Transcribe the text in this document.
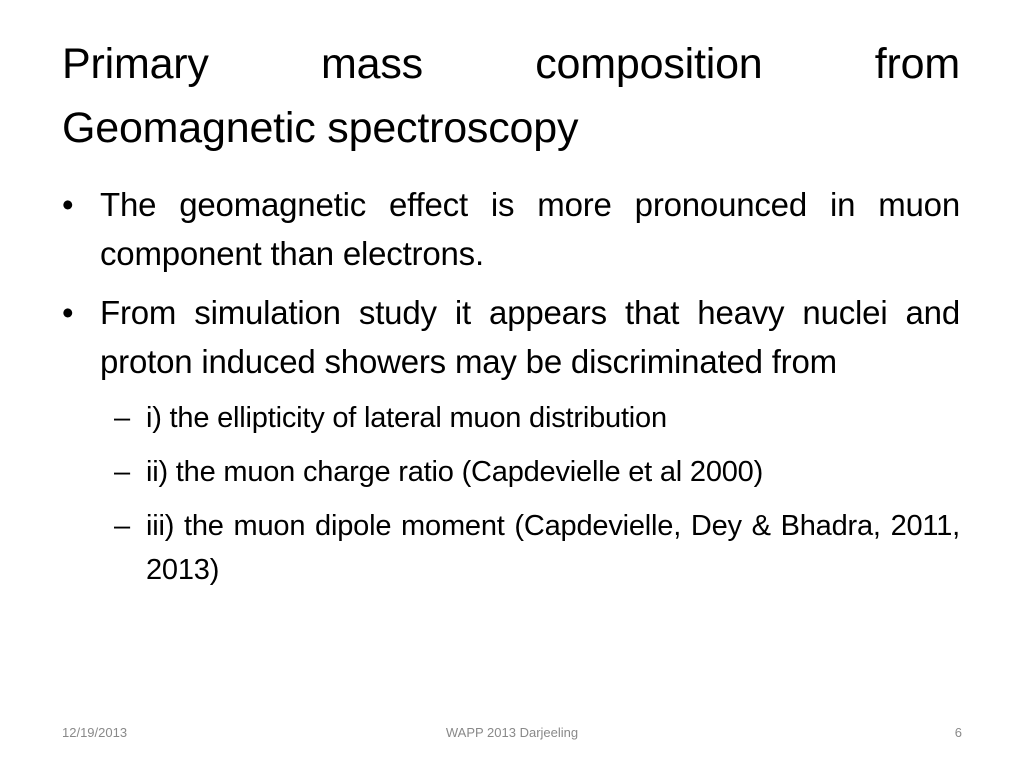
Primary	mass	composition	from
Geomagnetic spectroscopy
• The geomagnetic effect is more pronounced in muon component than electrons.
• From simulation study it appears that heavy nuclei and proton induced showers may be discriminated from
– i) the ellipticity of lateral muon distribution
– ii) the muon charge ratio (Capdevielle et al 2000)
– iii) the muon dipole moment (Capdevielle, Dey & Bhadra, 2011, 2013)
12/19/2013	WAPP 2013 Darjeeling	6
